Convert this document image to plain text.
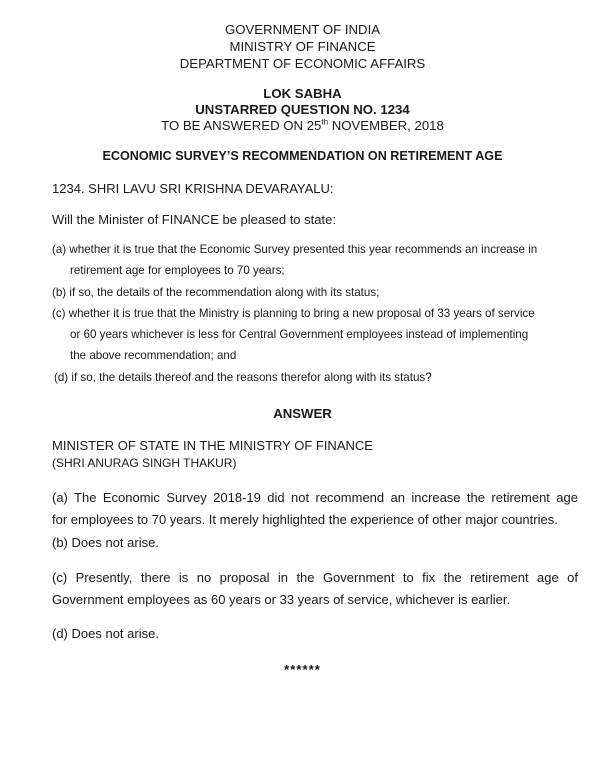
GOVERNMENT OF INDIA
MINISTRY OF FINANCE
DEPARTMENT OF ECONOMIC AFFAIRS
LOK SABHA
UNSTARRED QUESTION NO. 1234
TO BE ANSWERED ON 25th NOVEMBER, 2018
ECONOMIC SURVEY’S RECOMMENDATION ON RETIREMENT AGE
1234. SHRI LAVU SRI KRISHNA DEVARAYALU:
Will the Minister of FINANCE be pleased to state:
(a) whether it is true that the Economic Survey presented this year recommends an increase in
retirement age for employees to 70 years;
(b) if so, the details of the recommendation along with its status;
(c) whether it is true that the Ministry is planning to bring a new proposal of 33 years of service
or 60 years whichever is less for Central Government employees instead of implementing
the above recommendation; and
(d) if so, the details thereof and the reasons therefor along with its status?
ANSWER
MINISTER OF STATE IN THE MINISTRY OF FINANCE
(SHRI ANURAG SINGH THAKUR)
(a) The Economic Survey 2018-19 did not recommend an increase the retirement age
for employees to 70 years. It merely highlighted the experience of other major countries.
(b) Does not arise.
(c) Presently, there is no proposal in the Government to fix the retirement age of
Government employees as 60 years or 33 years of service, whichever is earlier.
(d) Does not arise.
******
